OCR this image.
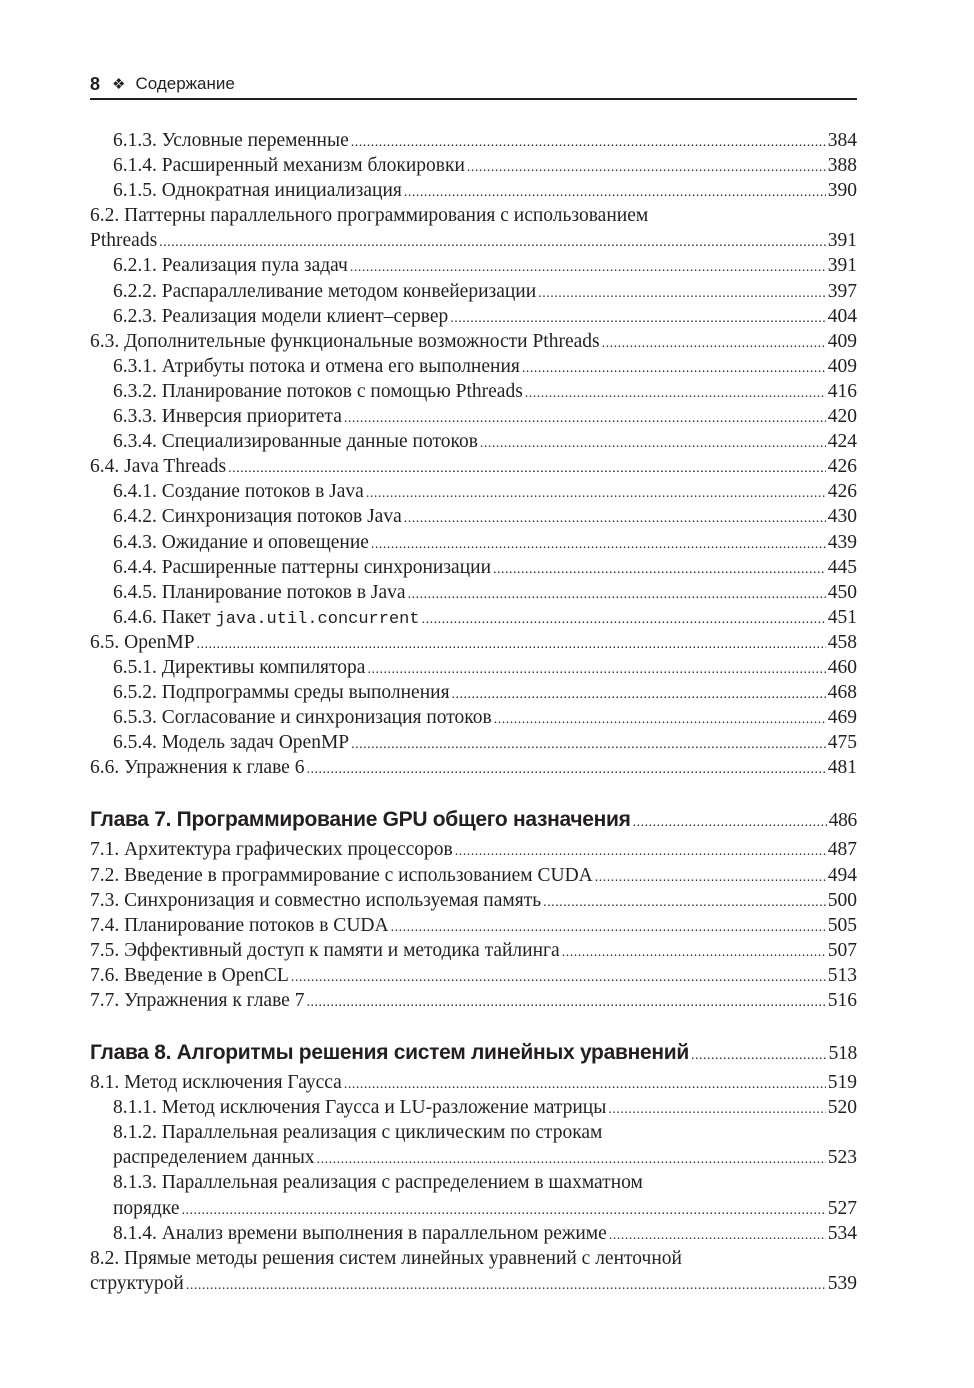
8 ❖ Содержание
6.1.3. Условные переменные .....	384
6.1.4. Расширенный механизм блокировки .....	388
6.1.5. Однократная инициализация .....	390
6.2. Паттерны параллельного программирования с использованием
Pthreads .....	391
6.2.1. Реализация пула задач .....	391
6.2.2. Распараллеливание методом конвейеризации .....	397
6.2.3. Реализация модели клиент–сервер .....	404
6.3. Дополнительные функциональные возможности Pthreads .....	409
6.3.1. Атрибуты потока и отмена его выполнения .....	409
6.3.2. Планирование потоков с помощью Pthreads .....	416
6.3.3. Инверсия приоритета .....	420
6.3.4. Специализированные данные потоков .....	424
6.4. Java Threads .....	426
6.4.1. Создание потоков в Java .....	426
6.4.2. Синхронизация потоков Java .....	430
6.4.3. Ожидание и оповещение .....	439
6.4.4. Расширенные паттерны синхронизации .....	445
6.4.5. Планирование потоков в Java .....	450
6.4.6. Пакет java.util.concurrent .....	451
6.5. OpenMP .....	458
6.5.1. Директивы компилятора .....	460
6.5.2. Подпрограммы среды выполнения .....	468
6.5.3. Согласование и синхронизация потоков .....	469
6.5.4. Модель задач OpenMP .....	475
6.6. Упражнения к главе 6 .....	481
Глава 7. Программирование GPU общего назначения .....	486
7.1. Архитектура графических процессоров .....	487
7.2. Введение в программирование с использованием CUDA .....	494
7.3. Синхронизация и совместно используемая память .....	500
7.4. Планирование потоков в CUDA .....	505
7.5. Эффективный доступ к памяти и методика тайлинга .....	507
7.6. Введение в OpenCL .....	513
7.7. Упражнения к главе 7 .....	516
Глава 8. Алгоритмы решения систем линейных уравнений .....	518
8.1. Метод исключения Гаусса .....	519
8.1.1. Метод исключения Гаусса и LU-разложение матрицы .....	520
8.1.2. Параллельная реализация с циклическим по строкам
распределением данных .....	523
8.1.3. Параллельная реализация с распределением в шахматном
порядке .....	527
8.1.4. Анализ времени выполнения в параллельном режиме .....	534
8.2. Прямые методы решения систем линейных уравнений с ленточной
структурой .....	539
